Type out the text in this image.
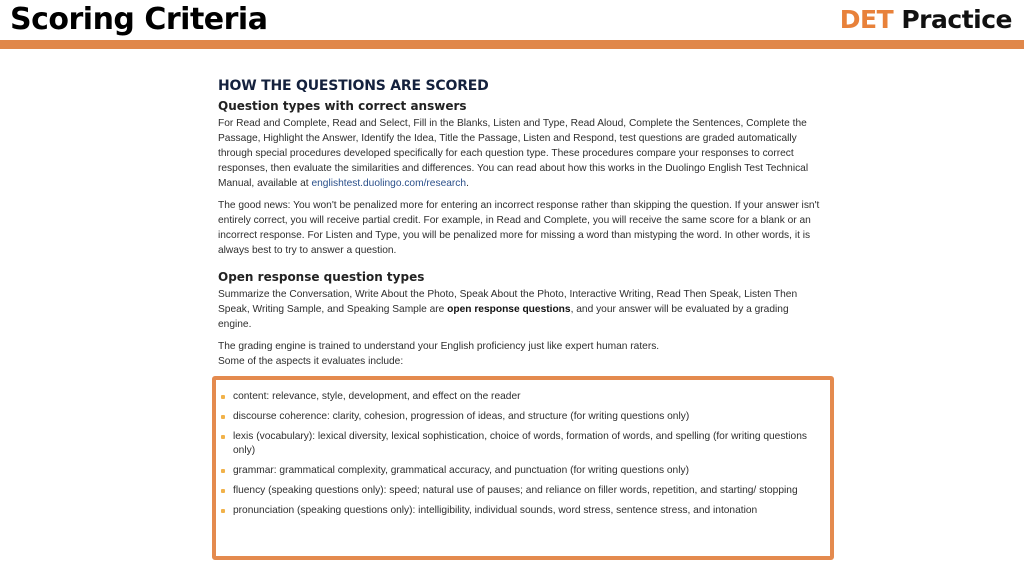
Scoring Criteria	DET Practice
HOW THE QUESTIONS ARE SCORED
Question types with correct answers

For Read and Complete, Read and Select, Fill in the Blanks, Listen and Type, Read Aloud, Complete the Sentences, Complete the Passage, Highlight the Answer, Identify the Idea, Title the Passage, Listen and Respond, test questions are graded automatically through special procedures developed specifically for each question type. These procedures compare your responses to correct responses, then evaluate the similarities and differences. You can read about how this works in the Duolingo English Test Technical Manual, available at englishtest.duolingo.com/research.

The good news: You won't be penalized more for entering an incorrect response rather than skipping the question. If your answer isn't entirely correct, you will receive partial credit. For example, in Read and Complete, you will receive the same score for a blank or an incorrect response. For Listen and Type, you will be penalized more for missing a word than mistyping the word. In other words, it is always best to try to answer a question.

Open response question types

Summarize the Conversation, Write About the Photo, Speak About the Photo, Interactive Writing, Read Then Speak, Listen Then Speak, Writing Sample, and Speaking Sample are open response questions, and your answer will be evaluated by a grading engine.

The grading engine is trained to understand your English proficiency just like expert human raters.
Some of the aspects it evaluates include:

content: relevance, style, development, and effect on the reader
discourse coherence: clarity, cohesion, progression of ideas, and structure (for writing questions only)
lexis (vocabulary): lexical diversity, lexical sophistication, choice of words, formation of words, and spelling (for writing questions only)
grammar: grammatical complexity, grammatical accuracy, and punctuation (for writing questions only)
fluency (speaking questions only): speed; natural use of pauses; and reliance on filler words, repetition, and starting/ stopping
pronunciation (speaking questions only): intelligibility, individual sounds, word stress, sentence stress, and intonation
